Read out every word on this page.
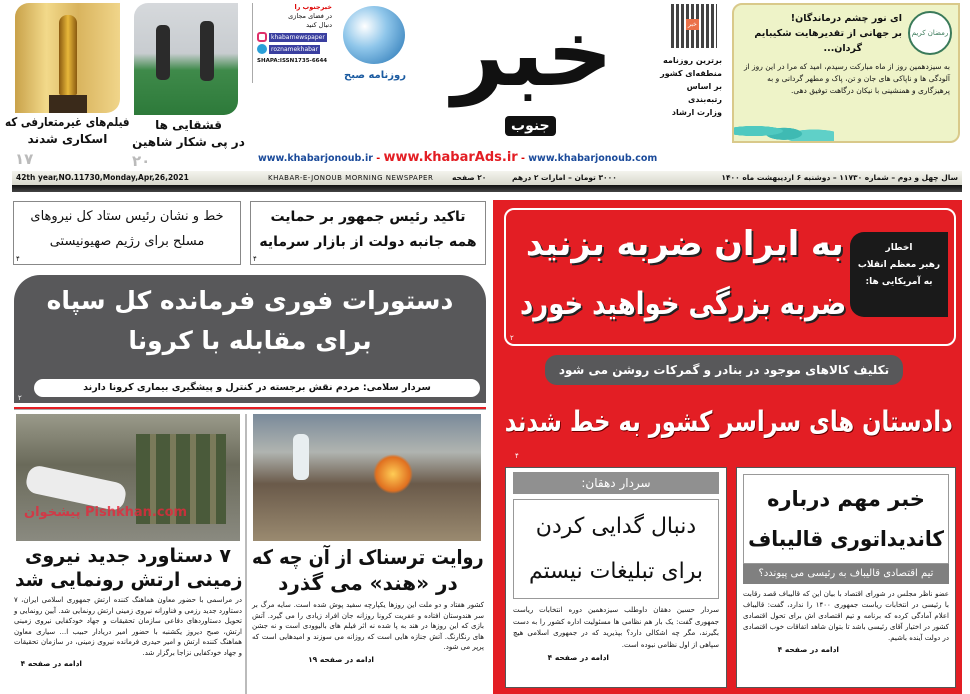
فیلم‌های غیرمتعارفی که
اسکاری شدند
۱۷
قشقایی ها
در پی شکار شاهین
۲۰
خبرجنوب را
در فضای مجازی
دنبال کنید
khabarnewspaper
roznamekhabar
SHAPA:ISSN1735-6644
روزنامه صبح خبر
جنوب
خبر
برترین روزنامه
منطقه‌ای کشور
بر اساس
رتبه‌بندی
وزارت ارشاد
رمضان کریم
ای نور چشم درماندگان!
بر جهانی از تقدیرهایت شکیبایم
گردان...
به سیزدهمین روز از ماه مبارکت رسیدم، امید که مرا در این روز از آلودگی ها و ناپاکی های جان و تن، پاک و مطهر گردانی و به پرهیزگاری و همنشینی با نیکان درگاهت توفیق دهی.
www.khabarjonoub.ir - www.khabarAds.ir - www.khabarjonoub.com
42th year,NO.11730,Monday,Apr,26,2021	KHABAR-E-JONOUB MORNING NEWSPAPER ۲۰ صفحه	۳۰۰۰ تومان – امارات ۲ درهم	سال چهل و دوم – شماره ۱۱۷۳۰ – دوشنبه ۶ اردیبهشت ماه ۱۴۰۰
تاکید رئیس جمهور بر حمایت
همه جانبه دولت از بازار سرمایه
۴
خط و نشان رئیس ستاد کل نیروهای
مسلح برای رژیم صهیونیستی
۴
دستورات فوری فرمانده کل سپاه
برای مقابله با کرونا
سردار سلامی: مردم نقش برجسته در کنترل و پیشگیری بیماری کرونا دارند
۲
پیشخوان Pishkhan.com
روایت ترسناک از آن چه که
در «هند» می گذرد
کشور هفتاد و دو ملت این روزها یکپارچه سفید پوش شده است. سایه مرگ بر سر هندوستان افتاده و عفریت کرونا روزانه جان افراد زیادی را می گیرد. آتش بازی که این روزها در هند به پا شده نه اثر فیلم های بالیوودی است و نه جشن های رنگارنگ. آتش جنازه هایی است که روزانه می سوزند و امیدهایی است که پرپر می شود.
ادامه در صفحه ۱۹
۷ دستاورد جدید نیروی
زمینی ارتش رونمایی شد
در مراسمی با حضور معاون هماهنگ کننده ارتش جمهوری اسلامی ایران، ۷ دستاورد جدید رزمی و فناورانه نیروی زمینی ارتش رونمایی شد. آیین رونمایی و تحویل دستاوردهای دفاعی سازمان تحقیقات و جهاد خودکفایی نیروی زمینی ارتش، صبح دیروز یکشنبه با حضور امیر دریادار حبیب ا... سیاری معاون هماهنگ کننده ارتش و امیر حیدری فرمانده نیروی زمینی، در سازمان تحقیقات و جهاد خودکفایی نزاجا برگزار شد.
ادامه در صفحه ۴
اخطار
رهبر معظم انقلاب
به آمریکایی ها:
به ایران ضربه بزنید
ضربه بزرگی خواهید خورد
۲
تکلیف کالاهای موجود در بنادر و گمرکات روشن می شود
دادستان های سراسر کشور به خط شدند
۴
خبر مهم درباره
کاندیداتوری قالیباف
تیم اقتصادی قالیباف به رئیسی می پیوندد؟
عضو ناظر مجلس در شورای اقتصاد با بیان این که قالیباف قصد رقابت با رئیسی در انتخابات ریاست جمهوری ۱۴۰۰ را ندارد، گفت: قالیباف اعلام آمادگی کرده که برنامه و تیم اقتصادی اش برای تحول اقتصادی کشور در اختیار آقای رئیسی باشد تا بتوان شاهد اتفاقات خوب اقتصادی در دولت آینده باشیم.
ادامه در صفحه ۴
سردار دهقان:
دنبال گدایی کردن
برای تبلیغات نیستم
سردار حسین دهقان داوطلب سیزدهمین دوره انتخابات ریاست جمهوری گفت: یک بار هم نظامی ها مسئولیت اداره کشور را به دست بگیرند، مگر چه اشکالی دارد؟ بپذیرید که در جمهوری اسلامی هیچ سپاهی از اول نظامی نبوده است.
ادامه در صفحه ۴
